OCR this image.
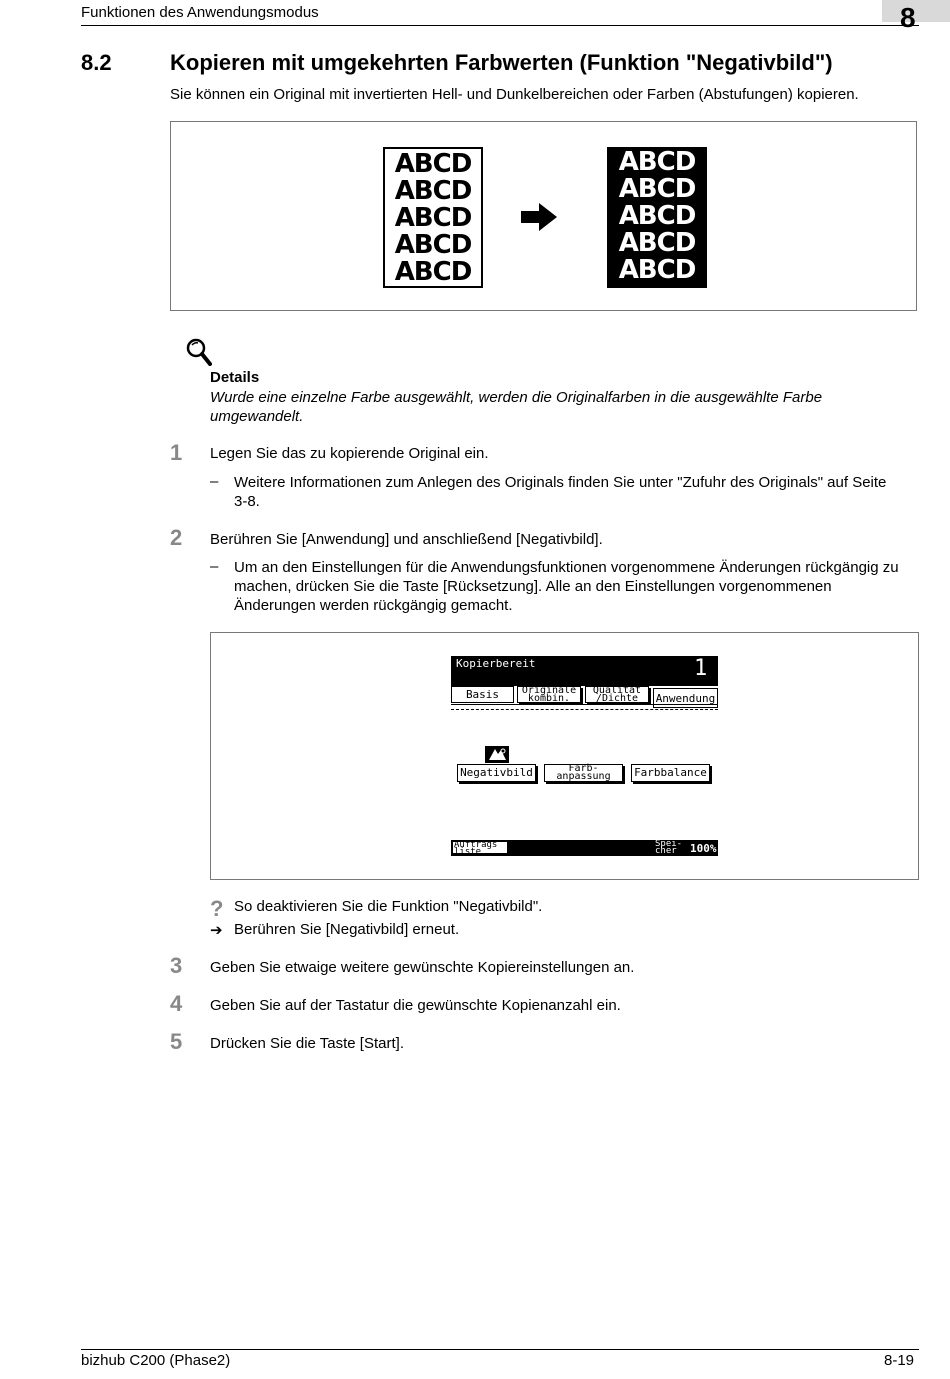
Funktionen des Anwendungsmodus	8
8.2	Kopieren mit umgekehrten Farbwerten (Funktion "Negativbild")
Sie können ein Original mit invertierten Hell- und Dunkelbereichen oder Farben (Abstufungen) kopieren.
ABCD
ABCD
ABCD
ABCD
ABCD
ABCD
ABCD
ABCD
ABCD
ABCD
Details
Wurde eine einzelne Farbe ausgewählt, werden die Originalfarben in die ausgewählte Farbe umgewandelt.
1 Legen Sie das zu kopierende Original ein.
– Weitere Informationen zum Anlegen des Originals finden Sie unter "Zufuhr des Originals" auf Seite 3-8.
2 Berühren Sie [Anwendung] und anschließend [Negativbild].
– Um an den Einstellungen für die Anwendungsfunktionen vorgenommene Änderungen rückgängig zu machen, drücken Sie die Taste [Rücksetzung]. Alle an den Einstellungen vorgenommenen Änderungen werden rückgängig gemacht.
Kopierbereit	1
Basis	Originale
kombin.
Qualität
/Dichte	Anwendung
Negativbild	Farb-
anpassung	Farbbalance
Auftrags
liste
Spei-
cher	100%
? So deaktivieren Sie die Funktion "Negativbild".
➔ Berühren Sie [Negativbild] erneut.
3 Geben Sie etwaige weitere gewünschte Kopiereinstellungen an.
4 Geben Sie auf der Tastatur die gewünschte Kopienanzahl ein.
5 Drücken Sie die Taste [Start].
bizhub C200 (Phase2)	8-19
